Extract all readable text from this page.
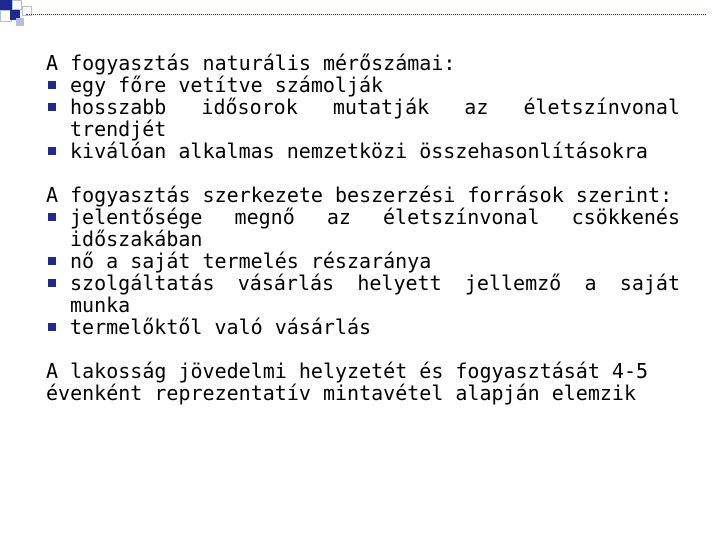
A fogyasztás naturális mérőszámai:

egy főre vetítve számolják
hosszabb idősorok mutatják az életszínvonal trendjét
kiválóan alkalmas nemzetközi összehasonlításokra

A fogyasztás szerkezete beszerzési források szerint:

jelentősége megnő az életszínvonal csökkenés időszakában
nő a saját termelés részaránya
szolgáltatás vásárlás helyett jellemző a saját munka
termelőktől való vásárlás

A lakosság jövedelmi helyzetét és fogyasztását 4-5 évenként reprezentatív mintavétel alapján elemzik
